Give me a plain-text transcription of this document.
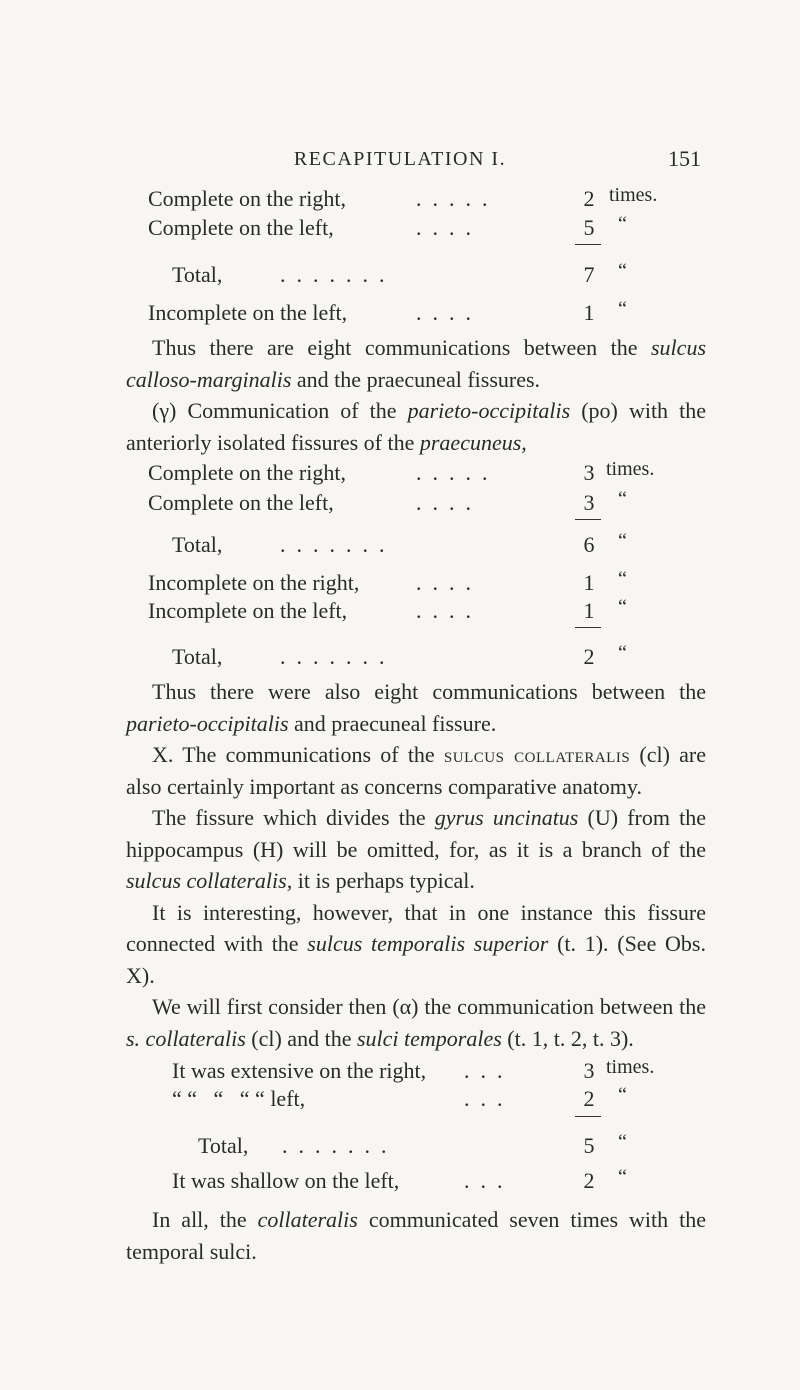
RECAPITULATION I.	151
Complete on the right,	.....	2 times.
Complete on the left,	....	5	“
Total,	.......	7	“
Incomplete on the left,	....	1	“

Thus there are eight communications between the sulcus calloso-marginalis and the praecuneal fissures.

(γ) Communication of the parieto-occipitalis (po) with the anteriorly isolated fissures of the praecuneus,

Complete on the right,	.....	3 times.
Complete on the left,	....	3	“
Total,	.......	6	“
Incomplete on the right,	....	1	“
Incomplete on the left,	....	1	“
Total,	.......	2	“

Thus there were also eight communications between the parieto-occipitalis and praecuneal fissure.

X. The communications of the sulcus collateralis (cl) are also certainly important as concerns comparative anatomy.

The fissure which divides the gyrus uncinatus (U) from the hippocampus (H) will be omitted, for, as it is a branch of the sulcus collateralis, it is perhaps typical.

It is interesting, however, that in one instance this fissure connected with the sulcus temporalis superior (t. 1). (See Obs. X).

We will first consider then (α) the communication between the s. collateralis (cl) and the sulci temporales (t. 1, t. 2, t. 3).

It was extensive on the right, ...	3 times.
“ “   “   “ “ left,	...	2	“
Total, .......	5	“
It was shallow on the left,	...	2	“

In all, the collateralis communicated seven times with the temporal sulci.
